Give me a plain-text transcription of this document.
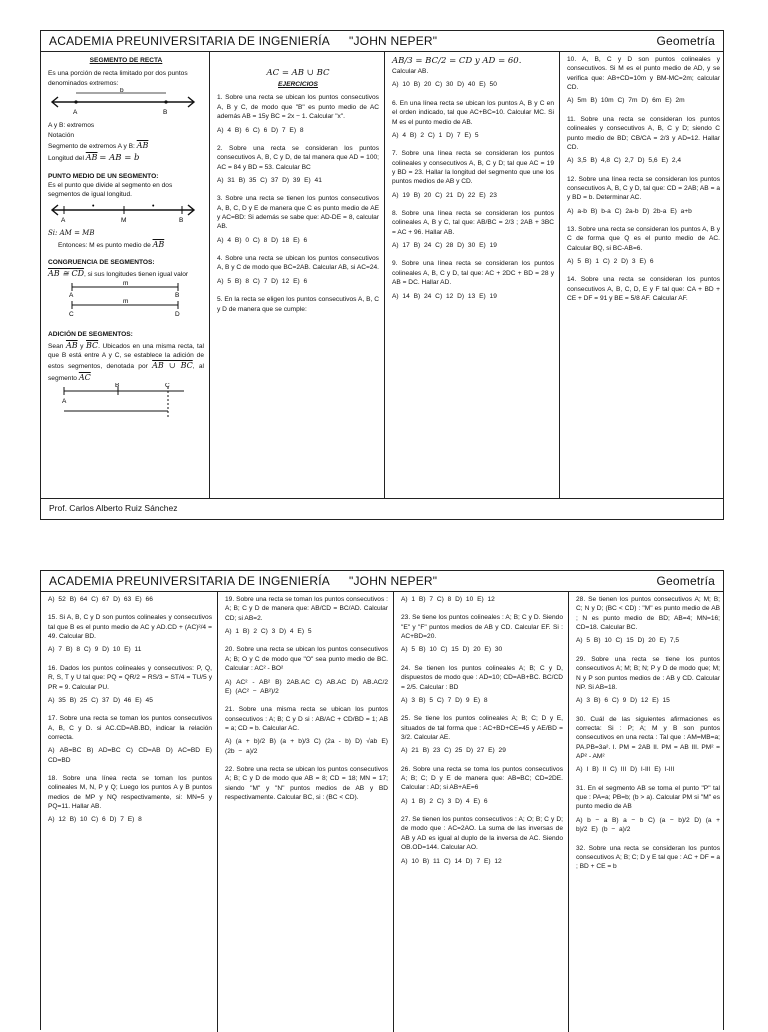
ACADEMIA PREUNIVERSITARIA DE INGENIERÍA "JOHN NEPER"	Geometría
SEGMENTO DE RECTA
Es una porción de recta limitado por dos puntos denominados extremos:
b
A	B
A y B: extremos
Notación
Segmento de extremos A y B: $\overline{AB}$
Longitud del $\overline{AB}$ = AB = b
PUNTO MEDIO DE UN SEGMENTO:
Es el punto que divide al segmento en dos segmentos de igual longitud.
•	•
A	M	B
Si: AM = MB
Entonces: M es punto medio de $\overline{AB}$
CONGRUENCIA DE SEGMENTOS:
AB ≅ CD, si sus longitudes tienen igual valor
m
m
A	B
C	D
ADICIÓN DE SEGMENTOS:
Sean $\overline{AB}$ y $\overline{BC}$. Ubicados en una misma recta, tal que B está entre A y C, se establece la adición de estos segmentos, denotada por AB ∪ BC, al segmento $\overline{AC}$
A
B	C
AC = AB ∪ BC
EJERCICIOS
1. Sobre una recta se ubican los puntos consecutivos A, B y C, de modo que "B" es punto medio de AC además AB = 15y BC = 2x − 1. Calcular "x".
A) 4 B) 6 C) 6 D) 7 E) 8
2. Sobre una recta se consideran los puntos consecutivos A, B, C y D, de tal manera que AD = 100; AC = 84 y BD = 53. Calcular BC
A) 31 B) 35 C) 37 D) 39 E) 41
3. Sobre una recta se tienen los puntos consecutivos A, B, C, D y E de manera que C es punto medio de AE y AC=BD: Si además se sabe que: AD-DE = 8, calcular AB.
A) 4 B) 0 C) 8 D) 18 E) 6
4. Sobre una recta se ubican los puntos consecutivos A, B y C de modo que BC=2AB. Calcular AB, si AC=24.
A) 5 B) 8 C) 7 D) 12 E) 6
5. En la recta se eligen los puntos consecutivos A, B, C y D de manera que se cumple:
AB/3 = BC/2 = CD y AD = 60.
Calcular AB.
A) 10 B) 20 C) 30 D) 40 E) 50
6. En una línea recta se ubican los puntos A, B y C en el orden indicado, tal que AC+BC=10. Calcular MC. Si M es el punto medio de AB.
A) 4 B) 2 C) 1 D) 7 E) 5
7. Sobre una línea recta se consideran los puntos colineales y consecutivos A, B, C y D; tal que AC = 19 y BD = 23. Hallar la longitud del segmento que une los puntos medios de AB y CD.
A) 19 B) 20 C) 21 D) 22 E) 23
8. Sobre una línea recta se consideran los puntos colineales A, B y C, tal que: AB/BC = 2/3 ; 2AB + 3BC = AC + 96. Hallar AB.
A) 17 B) 24 C) 28 D) 30 E) 19
9. Sobre una línea recta se consideran los puntos colineales A, B, C y D, tal que: AC + 2DC + BD = 28 y AB = DC. Hallar AD.
A) 14 B) 24 C) 12 D) 13 E) 19
10. A, B, C y D son puntos colineales y consecutivos. Si M es el punto medio de AD, y se verifica que: AB+CD=10m y BM-MC=2m; calcular CD.
A) 5m B) 10m C) 7m D) 6m E) 2m
11. Sobre una recta se consideran los puntos colineales y consecutivos A, B, C y D; siendo C punto medio de BD; CB/CA = 2/3 y AD=12. Hallar CD.
A) 3,5 B) 4,8 C) 2,7 D) 5,6 E) 2,4
12. Sobre una línea recta se consideran los puntos consecutivos A, B, C y D, tal que: CD = 2AB; AB = a y BD = b. Determinar AC.
A) a-b B) b-a C) 2a-b D) 2b-a E) a+b
13. Sobre una recta se consideran los puntos A, B y C de forma que Q es el punto medio de AC. Calcular BQ, si BC-AB=6.
A) 5 B) 1 C) 2 D) 3 E) 6
14. Sobre una recta se consideran los puntos consecutivos A, B, C, D, E y F tal que: CA + BD + CE + DF = 91 y BE = 5/8 AF. Calcular AF.
Prof. Carlos Alberto Ruiz Sánchez
ACADEMIA PREUNIVERSITARIA DE INGENIERÍA "JOHN NEPER"	Geometría
A) 52 B) 64 C) 67 D) 63 E) 66
15. Si A, B, C y D son puntos colineales y consecutivos tal que B es el punto medio de AC y AD.CD + (AC)²/4 = 49. Calcular BD.
A) 7 B) 8 C) 9 D) 10 E) 11
16. Dados los puntos colineales y consecutivos: P, Q, R, S, T y U tal que: PQ = QR/2 = RS/3 = ST/4 = TU/5 y PR = 9. Calcular PU.
A) 35 B) 25 C) 37 D) 46 E) 45
17. Sobre una recta se toman los puntos consecutivos A, B, C y D. si AC.CD=AB.BD, indicar la relación correcta.
A) AB=BC B) AD=BC C) CD=AB D) AC=BD E) CD=BD
18. Sobre una línea recta se toman los puntos colineales M, N, P y Q; Luego los puntos A y B puntos medios de MP y NQ respectivamente, si: MN=5 y PQ=11. Hallar AB.
A) 12 B) 10 C) 6 D) 7 E) 8
19. Sobre una recta se toman los puntos consecutivos : A; B; C y D de manera que: AB/CD = BC/AD. Calcular CD; si AB=2.
A) 1 B) 2 C) 3 D) 4 E) 5
20. Sobre una recta se ubican los puntos consecutivos A; B; O y C de modo que "O" sea punto medio de BC. Calcular : AC² - BO²
A) AC² - AB² B) 2AB.AC C) AB.AC D) AB.AC/2 E) (AC² − AB²)/2
21. Sobre una misma recta se ubican los puntos consecutivos : A; B; C y D si : AB/AC + CD/BD = 1; AB = a; CD = b. Calcular AC.
A) (a + b)/2 B) (a + b)/3 C) (2a - b) D) √ab E) (2b − a)/2
22. Sobre una recta se ubican los puntos consecutivos A; B; C y D de modo que AB = 8; CD = 18; MN = 17; siendo "M" y "N" puntos medios de AB y BD respectivamente. Calcular BC, si : (BC < CD).
A) 1 B) 7 C) 8 D) 10 E) 12
23. Se tiene los puntos colineales : A; B; C y D. Siendo "E" y "F" puntos medios de AB y CD. Calcular EF. Si : AC+BD=20.
A) 5 B) 10 C) 15 D) 20 E) 30
24. Se tienen los puntos colineales A; B; C y D, dispuestos de modo que : AD=10; CD=AB+BC. BC/CD = 2/5. Calcular : BD
A) 3 B) 5 C) 7 D) 9 E) 8
25. Se tiene los puntos colineales A; B; C; D y E, situados de tal forma que : AC+BD+CE=45 y AE/BD = 3/2. Calcular AE.
A) 21 B) 23 C) 25 D) 27 E) 29
26. Sobre una recta se toma los puntos consecutivos A; B; C; D y E de manera que: AB=BC; CD=2DE. Calcular : AD; si AB+AE=6
A) 1 B) 2 C) 3 D) 4 E) 6
27. Se tienen los puntos consecutivos : A; O; B; C y D; de modo que : AC=2AO. La suma de las inversas de AB y AD es igual al duplo de la inversa de AC. Siendo OB.OD=144. Calcular AO.
A) 10 B) 11 C) 14 D) 7 E) 12
28. Se tienen los puntos consecutivos A; M; B; C; N y D; (BC < CD) : "M" es punto medio de AB ; N es punto medio de BD; AB=4; MN=16; CD=18. Calcular BC.
A) 5 B) 10 C) 15 D) 20 E) 7,5
29. Sobre una recta se tiene los puntos consecutivos A; M; B; N; P y D de modo que; M; N y P son puntos medios de : AB y CD. Calcular NP. Si AB=18.
A) 3 B) 6 C) 9 D) 12 E) 15
30. Cuál de las siguientes afirmaciones es correcta: Si : P; A; M y B son puntos consecutivos en una recta : Tal que : AM=MB=a; PA.PB=3a². I. PM = 2AB II. PM = AB III. PM² = AP² - AM²
A) I B) II C) III D) I-III E) I-III
31. En el segmento AB se toma el punto "P" tal que : PA=a; PB=b; (b > a). Calcular PM si "M" es punto medio de AB
A) b − a B) a − b C) (a − b)/2 D) (a + b)/2 E) (b − a)/2
32. Sobre una recta se consideran los puntos consecutivos A; B; C; D y E tal que : AC + DF = a ; BD + CE = b
